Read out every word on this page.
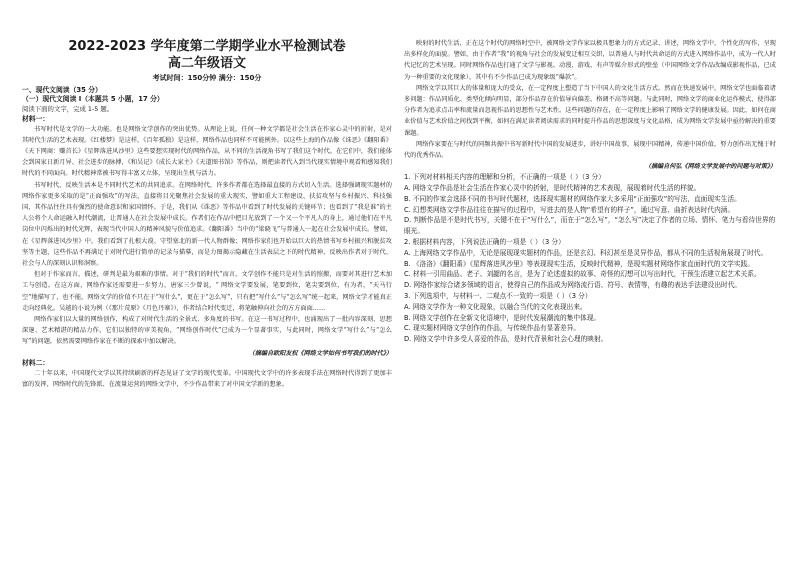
2022-2023 学年度第二学期学业水平检测试卷
高二年级语文
考试时间：150分钟 满分：150分
一、现代文阅读（35 分）
（一）现代文阅读 I（本题共 5 小题，17 分）
阅读下面的文字，完成 1-5 题。
材料一：

书写时代是文学的一大功能。也是网络文学创作的突出优势。从理论上说，任何一种文学都是社会生活在作家心灵中的折射，是对其时代生活的艺术表现。《红楼梦》是这样，《百年孤独》是这样，网络作品也同样不可能例外。以这些上海的作品像《诛恶》《翻阳番》《天下网商：赚首长》《星辉落进风沙里》这些要想实现时代的网络作品，从不同的生活视角书写了我们这个时代。在它们中，我们能体会到国家日新月异、社会进步的脉搏，《和吴记》《成长大家主》《天道图书馆》等作品，则把读者代入到当代现实情境中观看和感知我们时代的不同面向。时代精神常被书写得丰富又立体，呈现出生机与活力。

书写时代，反映生活本是不同时代艺术的共同追求。在网络时代，许多作者都在选择最直接的方式切入生活。选择强调现实题材的网络作家更多采取的是“正面强攻”的写法，直接将目光聚焦社会发展的重大现实，譬如重大工程建设、扶贫攻坚与乡村振兴、科技强国，其作品往往具有强烈的使命意识和家国情怀。于是，我们从《诛恶》等作品中看到了时代发展的关键环节；也看到了“我是谁”的主人公将个人命运融入时代潮流，让普通人在社会发展中成长。作者们在作品中把目光放到了一个又一个平凡人的身上，通过他们在平凡岗位中闪烁出的时代光辉，表现当代中国人的精神风貌与价值追求。《翻阳番》当中的“梁晓飞”与普通人一起在社会发展中成长。譬如，在《星辉落进风沙里》中，我们看到了扎根大漠、守望塞北的新一代人物群像；网络作家们也开始以巨大的热情书写乡村振兴和脱贫攻坚等主题，这些作品不再满足于对时代进行简单的记录与描摹，而是力图揭示隐藏在生活表层之下的时代精神，反映出作者对于时代、社会与人的深刻认识和洞察。

但对于作家而言，描述，研判是最为艰难的事情。对于“我们的时代”而言，文学创作不能只是对生活的照搬，而要对其进行艺术加工与创造。在这方面，网络作家还需要进一步努力，唐家三少曾说，“ 网络文学要发展，笔要到位，笔尖要到位，有为者，“天马行空”地描写了，也不能，网络文学的价值不只在于“写什么”，更在于“怎么写”，只有把“写什么”与“怎么写”统一起来，网络文学才能真正走向经典化。吴越的小说为例（《那片荒原》《月色丹寨》），作者结合时代变迁，将笔触伸向社会的方方面面……

网络作家们以大量的网络创作，构成了对时代生活的全景式、多角度的书写。在这一书写过程中，也涌现出了一批内容深刻、思想深邃、艺术精湛的精品力作，它们以独特的审美视角，“网络创作时代”已成为一个显著事实，与此同时，网络文学“写什么”与“怎么写”的问题，依然需要网络作家在不断的探索中加以解决。

（摘编自欧阳友权《网络文学如何书写我们的时代》）

材料二：

二十年以来，中国现代文学以其持续刷新的样态见证了文学的现代变革。中国现代文学中的许多表现手法在网络时代得到了更加丰富的发挥，网络时代的先锋派、在流量运营的网络文学中，不少作品带来了对中国文学新的想象。

映射的时代生活，正在这个时代的网络时空中，被网络文学作家以极具想象力的方式记录、讲述，网络文学中，个性化的写作，呈现出多样化的面貌。譬如，由于作者“我”的视角与社会的发展变迁相互交织，以普通人与时代共命运的方式进入网络作品中，成为一代人时代记忆的艺术呈现。同时网络作品也打通了文学与影视、动漫、游戏、有声等媒介形式的壁垒（中国网络文学作品改编成影视作品，已成为一种重要的文化现象），其中有不少作品已成为现象级“爆款”。

网络文学以其巨大的体量和庞大的受众，在一定程度上塑造了当下中国人的文化生活方式。然而在快速发展中，网络文学也面临着诸多问题：作品同质化、类型化倾向明显，部分作品存在价值导向偏差、格调不高等问题。与此同时，网络文学的商业化运作模式，使得部分作者为追求点击率和流量而忽视作品的思想性与艺术性。这些问题的存在，在一定程度上影响了网络文学的健康发展。因此，如何在商业价值与艺术价值之间找到平衡，如何在满足读者阅读需求的同时提升作品的思想深度与文化品格，成为网络文学发展中亟待解决的重要课题。

网络作家要在与时代的同频共振中书写新时代中国的发展进步，讲好中国故事，展现中国精神，传递中国价值，努力创作出无愧于时代的优秀作品。

（摘编自何弘《网络文学发展中的问题与对策》）

1. 下列对材料相关内容的理解和分析，不正确的一项是（ ）（3 分）

A. 网络文学作品是社会生活在作家心灵中的折射，是时代精神的艺术表现，展现着时代生活的样貌。

B. 不同的作家会选择不同的书写时代题材，选择现实题材的网络作家大多采用“正面强攻”的写法，直面现实生活。

C. 幻想类网络文学作品往往在描写的过程中，写进去的是人物“希望有的样子”，通过写意、曲折表达时代内涵。

D. 判断作品是不是时代书写，关键不在于“写什么”，而在于“怎么写”，“怎么写”决定了作者的立场、情怀、笔力与看待世界的眼光。

2. 根据材料内容，下列说法正确的一项是（ ）（3 分）

A. 上海网络文学作品中，无论是展现现实题材的作品，还是玄幻、科幻甚至是灵异作品，都从不同的生活视角展现了时代。

B. 《洛洛》《翻阳番》《星辉落进风沙里》等表现现实生活，反映时代精神，是现实题材网络作家直面时代的文学实践。

C. 材料一引用曲品、老子、刘勰的名言，是为了论述虚拟的故事、奇怪的幻想可以写出时代，干预生活建立起艺术关系。

D. 网络作家综合诸多领域的语言，使得自己的作品成为网络流行语、符号、表情等，有趣的表达手法建设出时代。

3. 下列选项中，与材料一、二观点不一致的一项是（ ）（3 分）

A. 网络文学作为一种文化现象，以融合当代的文化表现出来。

B. 网络文学创作在全新文化语境中，是时代发展潮流的集中体现。

C. 现实题材网络文学创作的作品，与传统作品有显著差异。

D. 网络文学中许多受人喜爱的作品，是时代背景和社会心理的映射。
